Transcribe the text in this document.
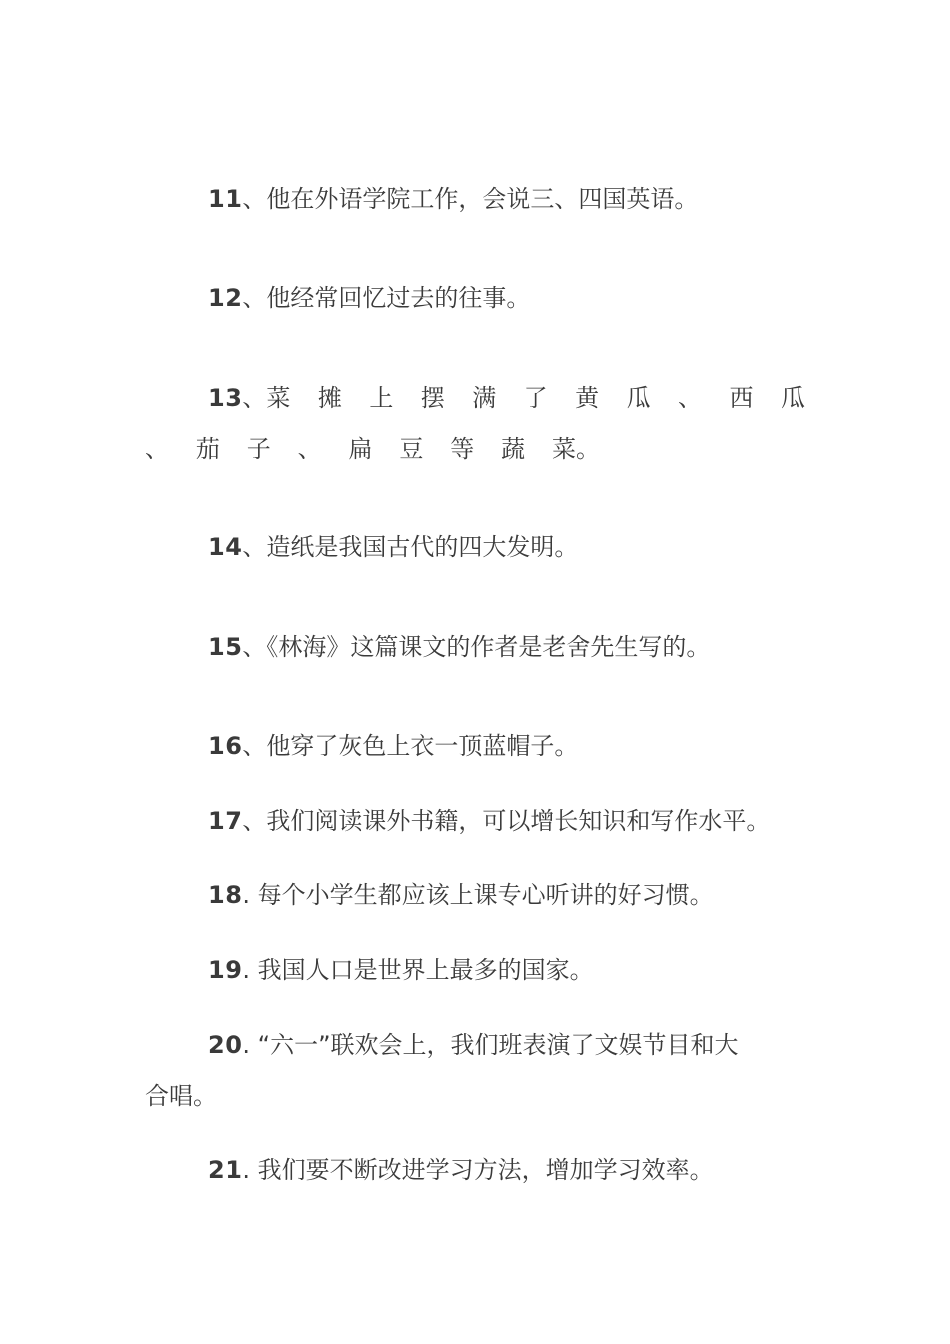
11、他在外语学院工作，会说三、四国英语。

12、他经常回忆过去的往事。

13、菜 摊 上 摆 满 了 黄 瓜 、 西 瓜
、 茄 子 、 扁 豆 等 蔬 菜。

14、造纸是我国古代的四大发明。

15、《林海》这篇课文的作者是老舍先生写的。

16、他穿了灰色上衣一顶蓝帽子。

17、我们阅读课外书籍，可以增长知识和写作水平。

18. 每个小学生都应该上课专心听讲的好习惯。

19. 我国人口是世界上最多的国家。

20. “六一”联欢会上，我们班表演了文娱节目和大
合唱。

21. 我们要不断改进学习方法，增加学习效率。
